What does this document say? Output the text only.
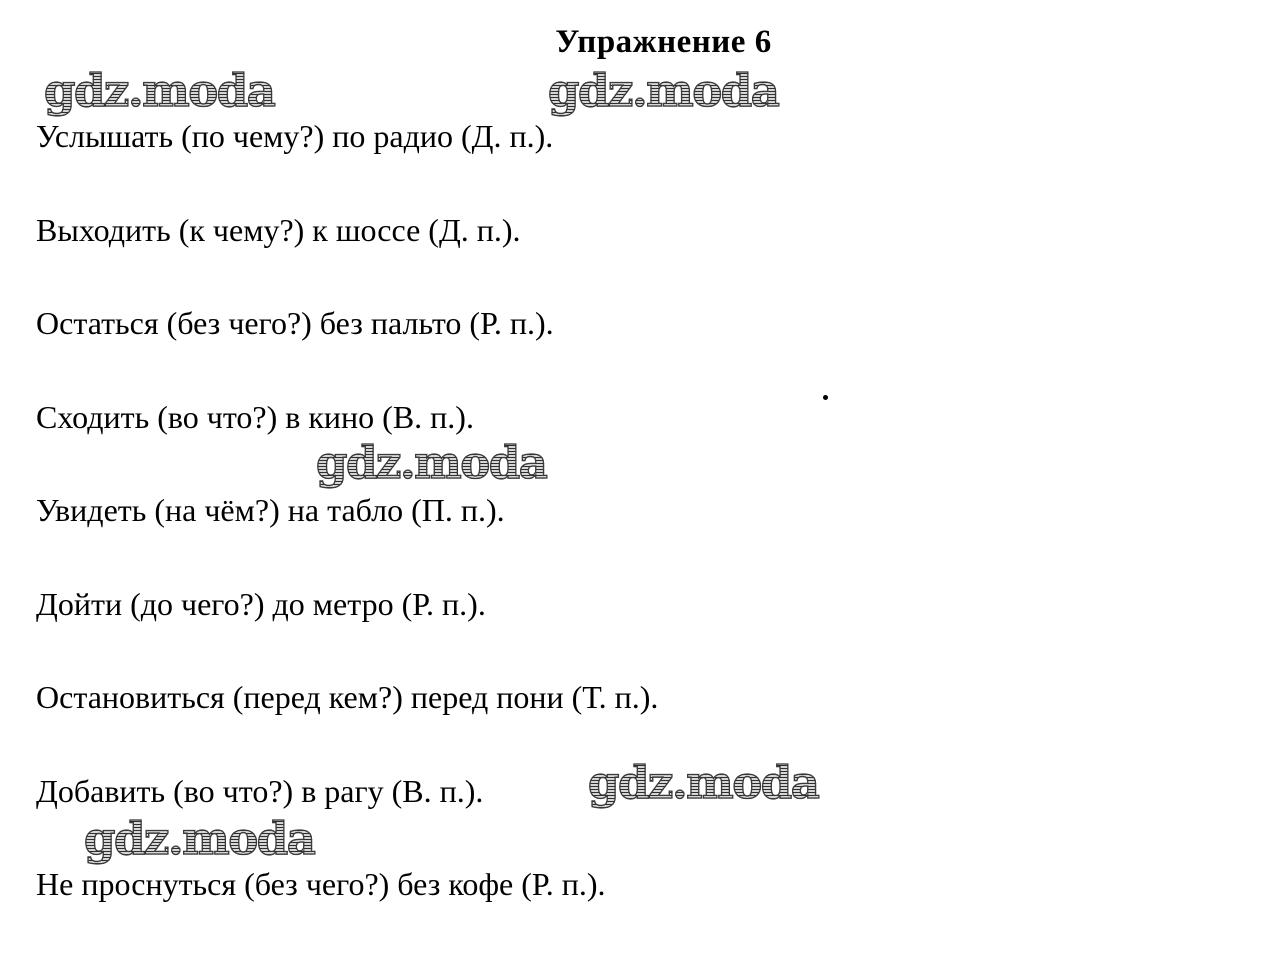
Упражнение 6
Услышать (по чему?) по радио (Д. п.).
Выходить (к чему?) к шоссе (Д. п.).
Остаться (без чего?) без пальто (Р. п.).
Сходить (во что?) в кино (В. п.).
Увидеть (на чём?) на табло (П. п.).
Дойти (до чего?) до метро (Р. п.).
Остановиться (перед кем?) перед пони (Т. п.).
Добавить (во что?) в рагу (В. п.).
Не проснуться (без чего?) без кофе (Р. п.).
gdz.moda	gdz.moda
gdz.moda
gdz.moda
gdz.moda
